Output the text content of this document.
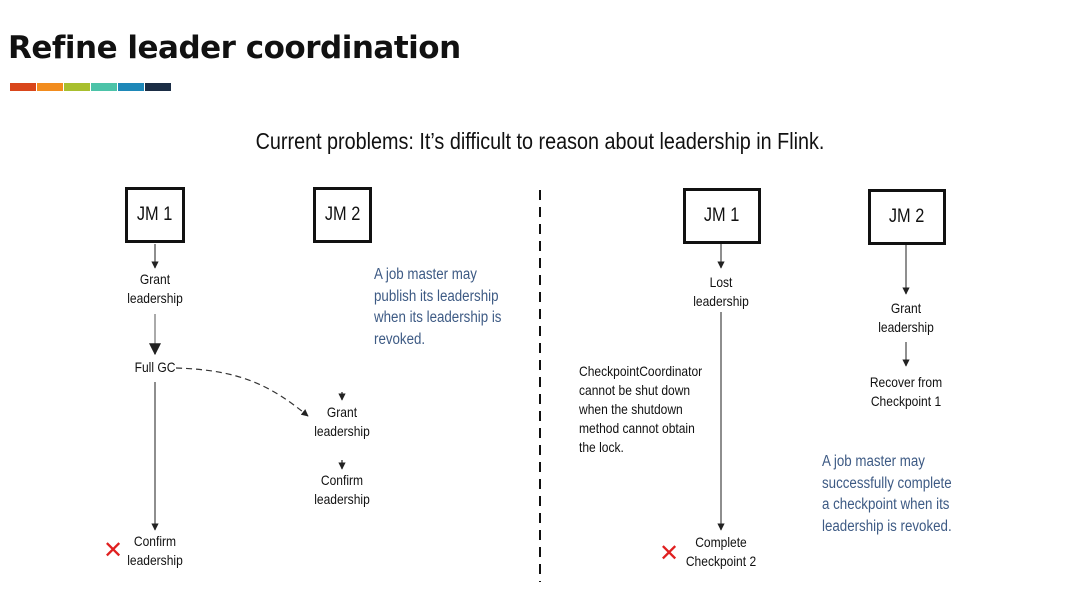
Refine leader coordination
Current problems: It’s difficult to reason about leadership in Flink.
JM 1	JM 2
Grant
leadership
Full GC
✕ Confirm
leadership
Grant
leadership
Confirm
leadership
A job master may
publish its leadership
when its leadership is
revoked.
JM 1	JM 2
Lost
leadership
CheckpointCoordinator
cannot be shut down
when the shutdown
method cannot obtain
the lock.
✕	Complete
Checkpoint 2
Grant
leadership
Recover from
Checkpoint 1
A job master may
successfully complete
a checkpoint when its
leadership is revoked.
